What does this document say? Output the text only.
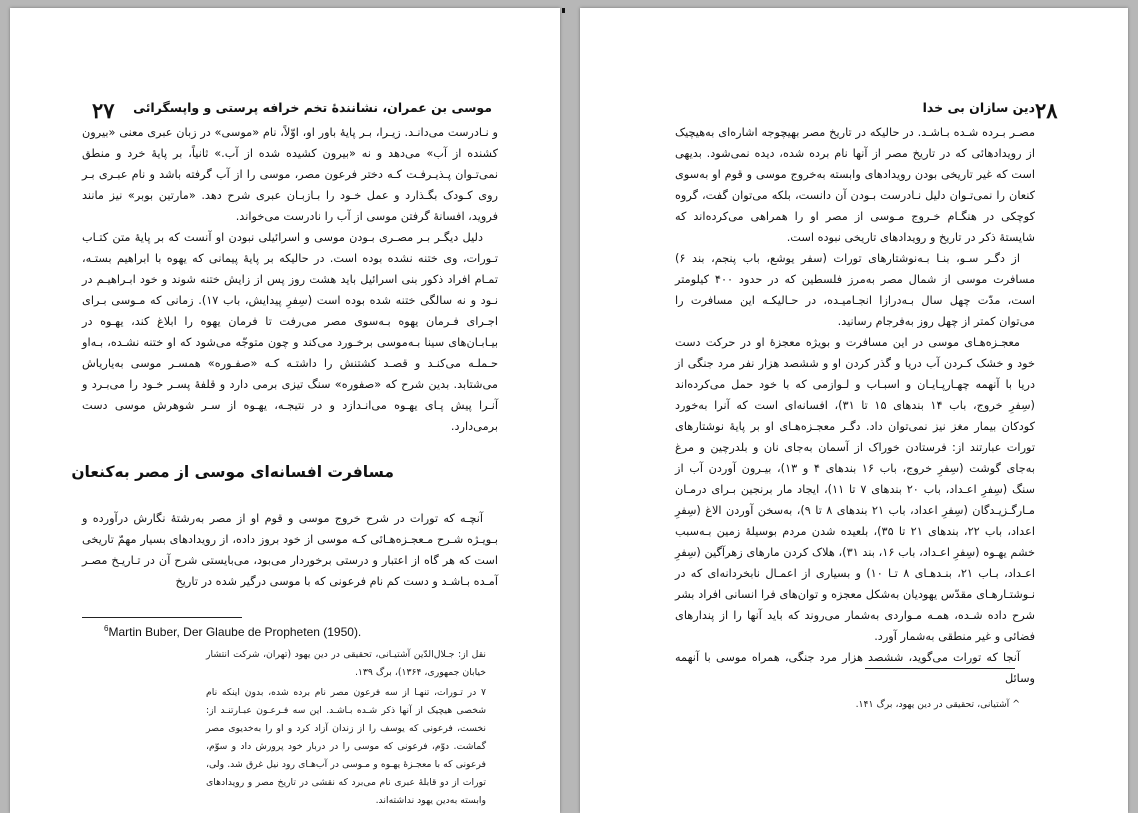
۲۷ موسی بن عمران، نشانندهٔ تخم خرافه پرستی و واپسگرائی

و نـادرست می‌دانـد. زیـرا، بـر پایهٔ باور او، اوّلاً، نام «موسی» در زبان عبری معنی «بیرون کشنده از آب» می‌دهد و نه «بیرون کشیده شده از آب.» ثانیاً، بر پایهٔ خرد و منطق نمی‌تـوان پـذیـرفـت کـه دختر فرعون مصر، موسی را از آب گرفته باشد و نام عبـری بـر روی کـودک بگـذارد و عمل خـود را بـازبـان عبری شرح دهد. «مارتین بوبر» نیز مانند فروید، افسانهٔ گرفتن موسی از آب را نادرست می‌خواند.

دلیل دیگـر بـر مصـری بـودن موسی و اسرائیلی نبودن او آنست که بر پایهٔ متن کتـاب تـورات، وی ختنه نشده بوده است. در حالیکه بر پایهٔ پیمانی که یهوه با ابراهیم بستـه، تمـام افراد ذکور بنی اسرائیل باید هشت روز پس از زایش ختنه شوند و خود ابـراهیـم در نـود و نه سالگی ختنه شده بوده است (سِفرِ پیدایش، باب ۱۷). زمانی که مـوسی بـرای اجـرای فـرمان یهوه بـه‌سوی مصر می‌رفت تا فرمان یهوه را ابلاغ کند، یهـوه در بیـابـان‌های سینا بـه‌موسی برخـورد می‌کند و چون متوجّه می‌شود که او ختنه نشـده، بـه‌او حـملـه می‌کنـد و قصـد کشتنش را داشتـه کـه «صفـوره» همسـر موسی به‌یاریاش می‌شتابد. بدین شرح که «صفوره» سنگ تیزی برمی دارد و قلفهٔ پسـر خـود را می‌بـرد و آنـرا پیش پـای یهـوه می‌انـدازد و در نتیجـه، یهـوه از سـر شوهرش موسی دست برمی‌دارد.

مسافرت افسانه‌ای موسی از مصر به‌کنعان

آنچـه که تورات در شرح خروج موسی و قوم او از مصر به‌رشتهٔ نگارش درآورده و بـویـژه شـرح مـعجـزه‌هـائی کـه موسی از خود بروز داده، از رویدادهای بسیار مهمّ تاریخی است که هر گاه از اعتبار و درستی برخوردار می‌بود، می‌بایستی شرح آن در تـاریـخ مصـر آمـده بـاشـد و دست کم نام فرعونی که با موسی درگیر شده در تاریخ

$^6$Martin Buber, Der Glaube de Propheten (1950).

نقل از: جـلال‌الدّین آشتیـانی، تحقیقی در دین یهود (تهران، شرکت انتشار خیابان جمهوری، ۱۳۶۴)، برگ ۱۳۹.

۷ در تـورات، تنهـا از سه فرعون مصر نام برده شده، بدون اینکه نام شخصی هیچیک از آنها ذکر شـده بـاشـد. این سه فـرعـون عبـارتنـد از: نخست، فرعونی که یوسف را از زندان آزاد کرد و او را به‌خدیوی مصر گماشت. دوّم، فرعونی که موسی را در دربار خود پرورش داد و سوّم، فرعونی که با معجـزهٔ یهـوه و مـوسی در آب‌هـای رود نیل غرق شد. ولی، تورات از دو قابلهٔ عبری نام می‌برد که نقشی در تاریخ مصر و رویدادهای وابسته به‌دین یهود نداشته‌اند.

۲۸
دین سازان بی خدا

مصـر بـرده شـده بـاشـد. در حالیکه در تاریخ مصر بهیچوجه اشاره‌ای به‌هیچیک از رویدادهائی که در تاریخ مصر از آنها نام برده شده، دیده نمی‌شود. بدیهی است که غیر تاریخی بودن رویدادهای وابسته به‌خروج موسی و قوم او به‌سوی کنعان را نمی‌تـوان دلیل نـادرست بـودن آن دانست، بلکه می‌توان گفت، گروه کوچکی در هنگـام خـروج مـوسی از مصر او را همراهی می‌کرده‌اند که شایستهٔ ذکر در تاریخ و رویدادهای تاریخی نبوده است.

از دگـر سـو، بنـا بـه‌نوشتارهای تورات (سفر یوشع، باب پنجم، بند ۶) مسافرت موسی از شمال مصر به‌مرز فلسطین که در حدود ۴۰۰ کیلومتر است، مدّت چهل سال بـه‌درازا انجـامیـده، در حـالیکـه این مسافرت را می‌توان کمتر از چهل روز به‌فرجام رسانید.

معجـزه‌هـای موسی در این مسافرت و بویژه معجزهٔ او در حرکت دست خود و خشک کـردن آب دریا و گذر کردن او و ششصد هزار نفر مرد جنگی از دریا با آنهمه چهـارپـایـان و اسبـاب و لـوازمی که با خود حمل می‌کرده‌اند (سِفرِ خروج، باب ۱۴ بندهای ۱۵ تا ۳۱)، افسانه‌ای است که آنرا به‌خورد کودکان بیمار مغز نیز نمی‌توان داد. دگـر معجـزه‌هـای او بر پایهٔ نوشتارهای تورات عبارتند از: فرستادن خوراک از آسمان به‌جای نان و بلدرچین و مرغ به‌جای گوشت (سِفرِ خروج، باب ۱۶ بندهای ۴ و ۱۳)، بیـرون آوردن آب از سنگ (سِفرِ اعـداد، باب ۲۰ بندهای ۷ تا ۱۱)، ایجاد مار برنجین بـرای درمـان مـارگـزیـدگان (سِفرِ اعداد، باب ۲۱ بندهای ۸ تا ۹)، به‌سخن آوردن الاغ (سِفرِ اعداد، باب ۲۲، بندهای ۲۱ تا ۳۵)، بلعیده شدن مردم بوسیلهٔ زمین بـه‌سبب خشم یهـوه (سِفرِ اعـداد، باب ۱۶، بند ۳۱)، هلاک کردن مارهای زهرآگین (سِفرِ اعـداد، بـاب ۲۱، بنـدهـای ۸ تـا ۱۰) و بسیاری از اعمـال نابخردانه‌ای که در نـوشتـارهـای مقدّس یهودیان به‌شکل معجزه و توان‌های فرا انسانی افراد بشر شرح داده شـده، همـه مـواردی به‌شمار می‌روند که باید آنها را از پندارهای فضائی و غیر منطقی به‌شمار آورد.

آنجا که تورات می‌گوید، ششصد هزار مرد جنگی، همراه موسی با آنهمه وسائل

^ آشتیانی، تحقیقی در دین یهود، برگ ۱۴۱.
